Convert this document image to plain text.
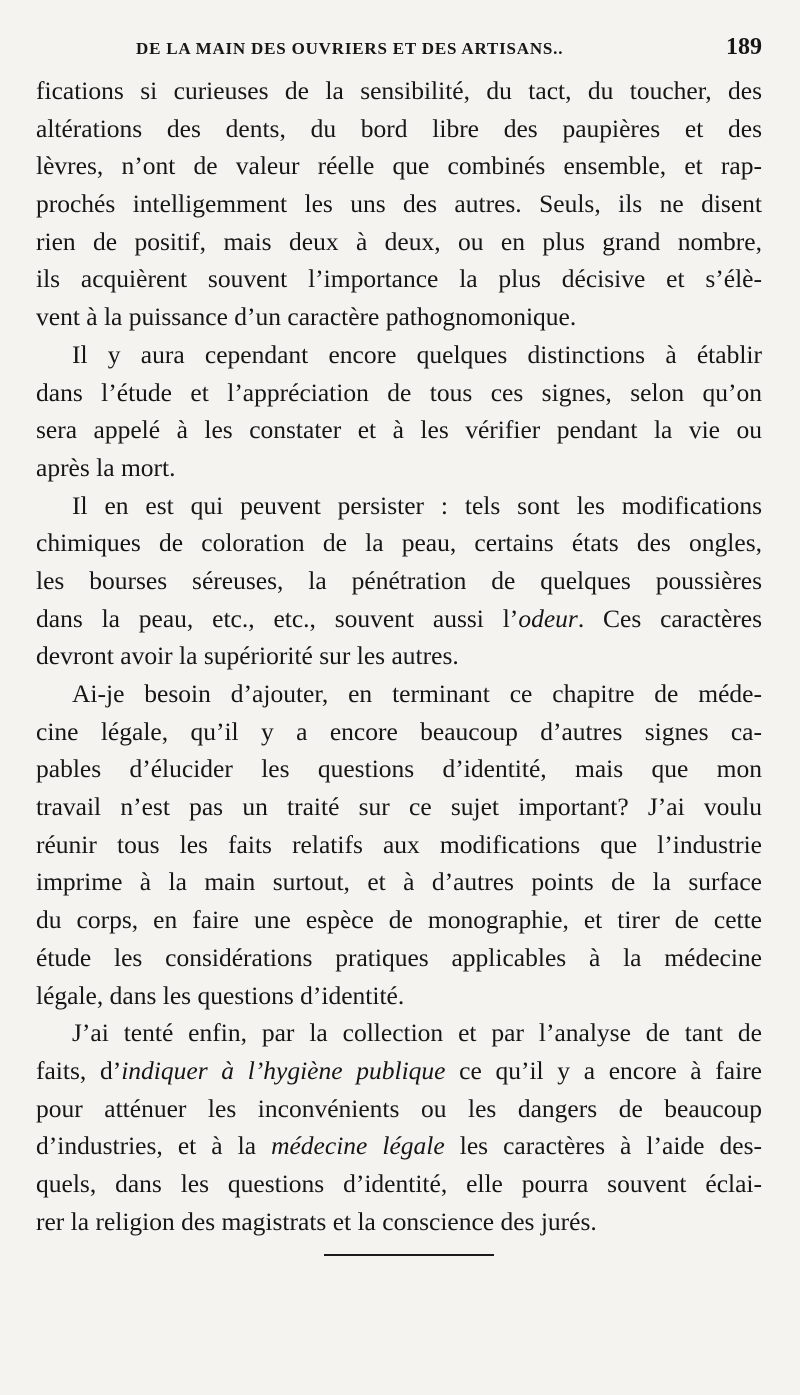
DE LA MAIN DES OUVRIERS ET DES ARTISANS..	189
fications si curieuses de la sensibilité, du tact, du toucher, des
altérations des dents, du bord libre des paupières et des
lèvres, n’ont de valeur réelle que combinés ensemble, et rap-
prochés intelligemment les uns des autres. Seuls, ils ne disent
rien de positif, mais deux à deux, ou en plus grand nombre,
ils acquièrent souvent l’importance la plus décisive et s’élè-
vent à la puissance d’un caractère pathognomonique.
Il y aura cependant encore quelques distinctions à établir
dans l’étude et l’appréciation de tous ces signes, selon qu’on
sera appelé à les constater et à les vérifier pendant la vie ou
après la mort.
Il en est qui peuvent persister : tels sont les modifications
chimiques de coloration de la peau, certains états des ongles,
les bourses séreuses, la pénétration de quelques poussières
dans la peau, etc., etc., souvent aussi l’odeur. Ces caractères
devront avoir la supériorité sur les autres.
Ai-je besoin d’ajouter, en terminant ce chapitre de méde-
cine légale, qu’il y a encore beaucoup d’autres signes ca-
pables d’élucider les questions d’identité, mais que mon
travail n’est pas un traité sur ce sujet important? J’ai voulu
réunir tous les faits relatifs aux modifications que l’industrie
imprime à la main surtout, et à d’autres points de la surface
du corps, en faire une espèce de monographie, et tirer de cette
étude les considérations pratiques applicables à la médecine
légale, dans les questions d’identité.
J’ai tenté enfin, par la collection et par l’analyse de tant de
faits, d’indiquer à l’hygiène publique ce qu’il y a encore à faire
pour atténuer les inconvénients ou les dangers de beaucoup
d’industries, et à la médecine légale les caractères à l’aide des-
quels, dans les questions d’identité, elle pourra souvent éclai-
rer la religion des magistrats et la conscience des jurés.
